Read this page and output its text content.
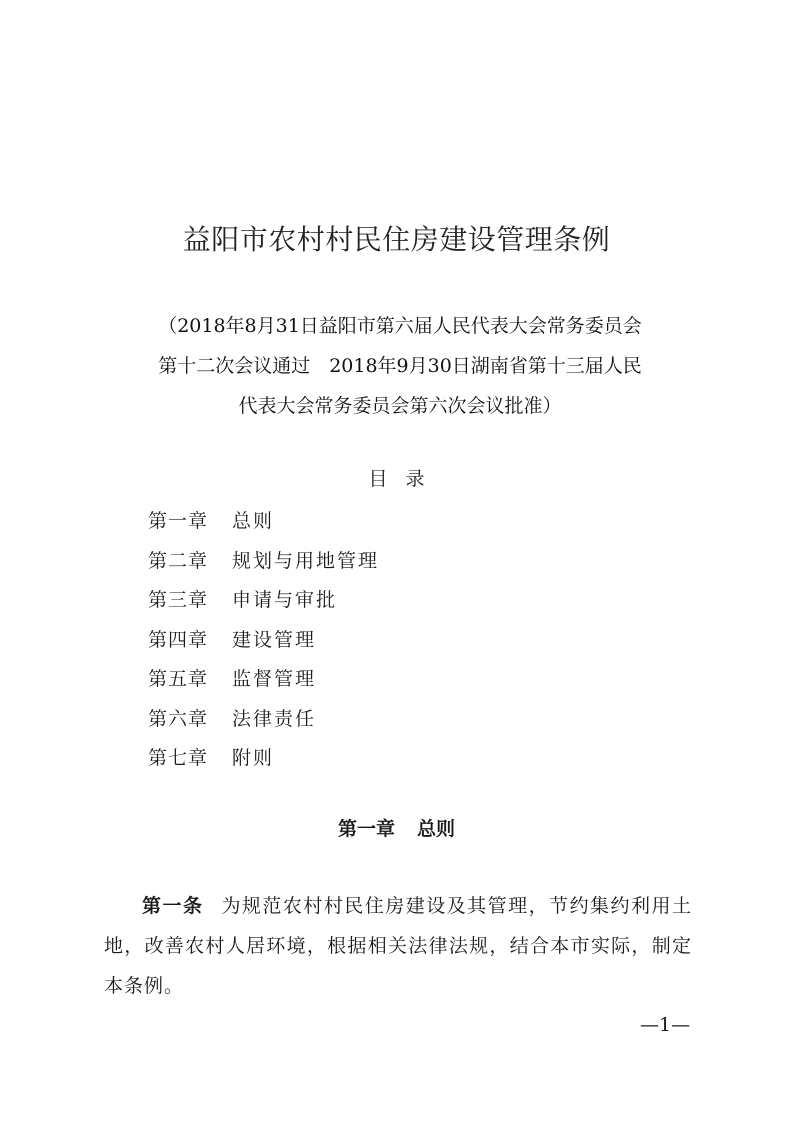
益阳市农村村民住房建设管理条例
（2018年8月31日益阳市第六届人民代表大会常务委员会
第十二次会议通过　2018年9月30日湖南省第十三届人民
代表大会常务委员会第六次会议批准）
目录
第一章	总则
第二章	规划与用地管理
第三章	申请与审批
第四章	建设管理
第五章	监督管理
第六章	法律责任
第七章	附则
第一章 总则
第一条 为规范农村村民住房建设及其管理，节约集约利用土地，改善农村人居环境，根据相关法律法规，结合本市实际，制定本条例。
—1—
